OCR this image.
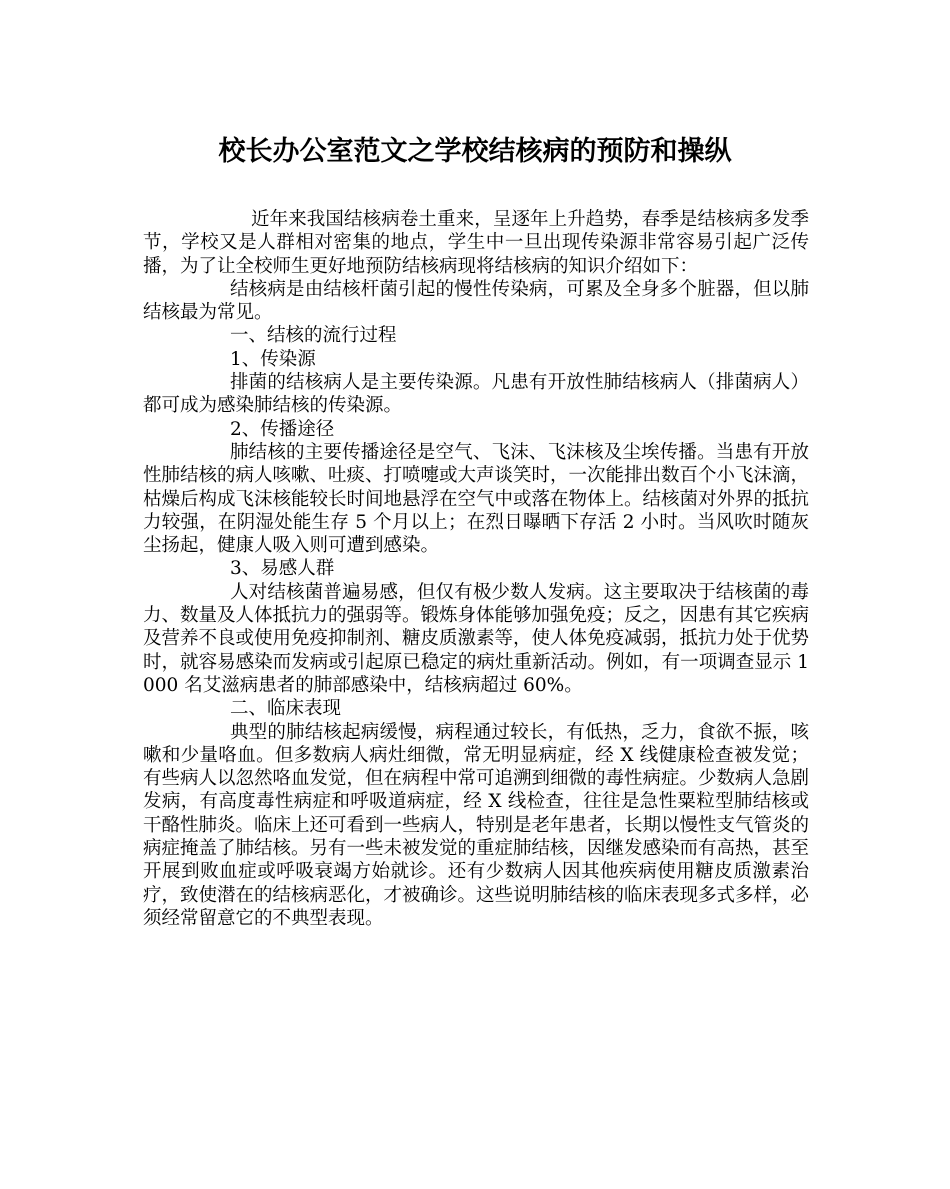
校长办公室范文之学校结核病的预防和操纵

近年来我国结核病卷土重来，呈逐年上升趋势，春季是结核病多发季节，学校又是人群相对密集的地点，学生中一旦出现传染源非常容易引起广泛传播，为了让全校师生更好地预防结核病现将结核病的知识介绍如下：

结核病是由结核杆菌引起的慢性传染病，可累及全身多个脏器，但以肺结核最为常见。

一、结核的流行过程

1、传染源

排菌的结核病人是主要传染源。凡患有开放性肺结核病人（排菌病人）都可成为感染肺结核的传染源。

2、传播途径

肺结核的主要传播途径是空气、飞沫、飞沫核及尘埃传播。当患有开放性肺结核的病人咳嗽、吐痰、打喷嚏或大声谈笑时，一次能排出数百个小飞沫滴，枯燥后构成飞沫核能较长时间地悬浮在空气中或落在物体上。结核菌对外界的抵抗力较强，在阴湿处能生存 5 个月以上；在烈日曝晒下存活 2 小时。当风吹时随灰尘扬起，健康人吸入则可遭到感染。

3、易感人群

人对结核菌普遍易感，但仅有极少数人发病。这主要取决于结核菌的毒力、数量及人体抵抗力的强弱等。锻炼身体能够加强免疫；反之，因患有其它疾病及营养不良或使用免疫抑制剂、糖皮质激素等，使人体免疫减弱，抵抗力处于优势时，就容易感染而发病或引起原已稳定的病灶重新活动。例如，有一项调查显示 1000 名艾滋病患者的肺部感染中，结核病超过 60%。

二、临床表现

典型的肺结核起病缓慢，病程通过较长，有低热，乏力，食欲不振，咳嗽和少量咯血。但多数病人病灶细微，常无明显病症，经 X 线健康检查被发觉；有些病人以忽然咯血发觉，但在病程中常可追溯到细微的毒性病症。少数病人急剧发病，有高度毒性病症和呼吸道病症，经 X 线检查，往往是急性粟粒型肺结核或干酪性肺炎。临床上还可看到一些病人，特别是老年患者，长期以慢性支气管炎的病症掩盖了肺结核。另有一些未被发觉的重症肺结核，因继发感染而有高热，甚至开展到败血症或呼吸衰竭方始就诊。还有少数病人因其他疾病使用糖皮质激素治疗，致使潜在的结核病恶化，才被确诊。这些说明肺结核的临床表现多式多样，必须经常留意它的不典型表现。
